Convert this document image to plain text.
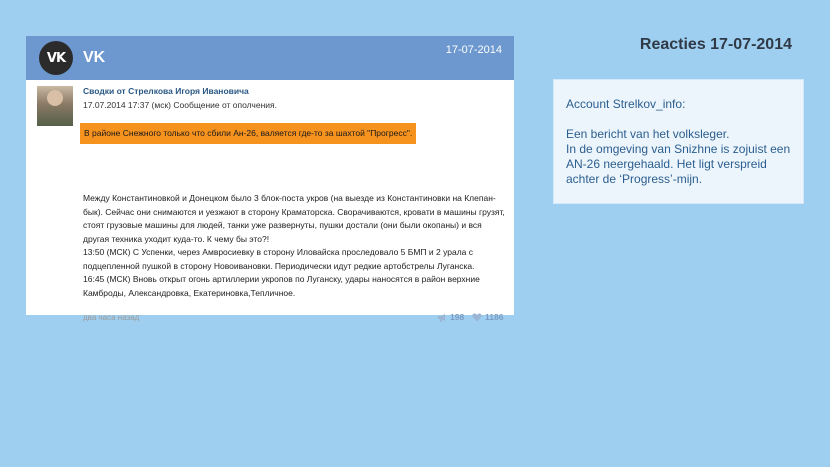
Reacties 17-07-2014
VK	VK	17-07-2014
Сводки от Стрелкова Игоря Ивановича
17.07.2014 17:37 (мск) Сообщение от ополчения.
В районе Снежного только что сбили Ан-26, валяется где-то за шахтой "Прогресс".

Между Константиновкой и Донецком было 3 блок-поста укров (на выезде из Константиновки на Клепан-бык). Сейчас они снимаются и уезжают в сторону Краматорска. Сворачиваются, кровати в машины грузят, стоят грузовые машины для людей, танки уже развернуты, пушки достали (они были окопаны) и вся другая техника уходит куда-то. К чему бы это?!

13:50 (МСК) С Успенки, через Амвросиевку в сторону Иловайска проследовало 5 БМП и 2 урала с подцепленной пушкой в сторону Новоивановки. Периодически идут редкие артобстрелы Луганска.

16:45 (МСК) Вновь открыт огонь артиллерии укропов по Луганску, удары наносятся в район верхние Камброды, Александровка, Екатериновка,Тепличное.

два часа назад	198 1186

Account Strelkov_info:

Een bericht van het volksleger.

In de omgeving van Snizhne is zojuist een AN-26 neergehaald. Het ligt verspreid achter de ‘Progress’-mijn.
